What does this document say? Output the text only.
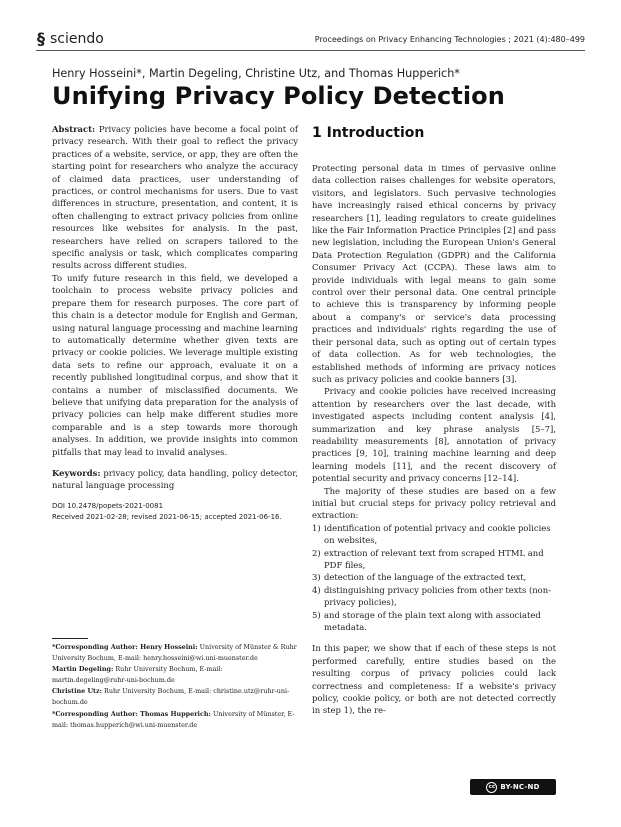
§ sciendo	Proceedings on Privacy Enhancing Technologies ; 2021 (4):480–499
Henry Hosseini*, Martin Degeling, Christine Utz, and Thomas Hupperich*
Unifying Privacy Policy Detection

Abstract: Privacy policies have become a focal point of privacy research. With their goal to reflect the privacy practices of a website, service, or app, they are often the starting point for researchers who analyze the accuracy of claimed data practices, user understanding of practices, or control mechanisms for users. Due to vast differences in structure, presentation, and content, it is often challenging to extract privacy policies from online resources like websites for analysis. In the past, researchers have relied on scrapers tailored to the specific analysis or task, which complicates comparing results across different studies.

To unify future research in this field, we developed a toolchain to process website privacy policies and prepare them for research purposes. The core part of this chain is a detector module for English and German, using natural language processing and machine learning to automatically determine whether given texts are privacy or cookie policies. We leverage multiple existing data sets to refine our approach, evaluate it on a recently published longitudinal corpus, and show that it contains a number of misclassified documents. We believe that unifying data preparation for the analysis of privacy policies can help make different studies more comparable and is a step towards more thorough analyses. In addition, we provide insights into common pitfalls that may lead to invalid analyses.

Keywords: privacy policy, data handling, policy detector, natural language processing

DOI 10.2478/popets-2021-0081
Received 2021-02-28; revised 2021-06-15; accepted 2021-06-16.

*Corresponding Author: Henry Hosseini: University of Münster & Ruhr University Bochum, E-mail: henry.hosseini@wi.uni-muenster.de

Martin Degeling: Ruhr University Bochum, E-mail: martin.degeling@ruhr-uni-bochum.de

Christine Utz: Ruhr University Bochum, E-mail: christine.utz@ruhr-uni-bochum.de

*Corresponding Author: Thomas Hupperich: University of Münster, E-mail: thomas.hupperich@wi.uni-muenster.de

1 Introduction

Protecting personal data in times of pervasive online data collection raises challenges for website operators, visitors, and legislators. Such pervasive technologies have increasingly raised ethical concerns by privacy researchers [1], leading regulators to create guidelines like the Fair Information Practice Principles [2] and pass new legislation, including the European Union's General Data Protection Regulation (GDPR) and the California Consumer Privacy Act (CCPA). These laws aim to provide individuals with legal means to gain some control over their personal data. One central principle to achieve this is transparency by informing people about a company's or service's data processing practices and individuals' rights regarding the use of their personal data, such as opting out of certain types of data collection. As for web technologies, the established methods of informing are privacy notices such as privacy policies and cookie banners [3].

Privacy and cookie policies have received increasing attention by researchers over the last decade, with investigated aspects including content analysis [4], summarization and key phrase analysis [5–7], readability measurements [8], annotation of privacy practices [9, 10], training machine learning and deep learning models [11], and the recent discovery of potential security and privacy concerns [12–14].

The majority of these studies are based on a few initial but crucial steps for privacy policy retrieval and extraction:

1) identification of potential privacy and cookie policies on websites,
2) extraction of relevant text from scraped HTML and PDF files,
3) detection of the language of the extracted text,
4) distinguishing privacy policies from other texts (non-privacy policies),
5) and storage of the plain text along with associated metadata.

In this paper, we show that if each of these steps is not performed carefully, entire studies based on the resulting corpus of privacy policies could lack correctness and completeness: If a website's privacy policy, cookie policy, or both are not detected correctly in step 1), the re-

cc BY-NC-ND
